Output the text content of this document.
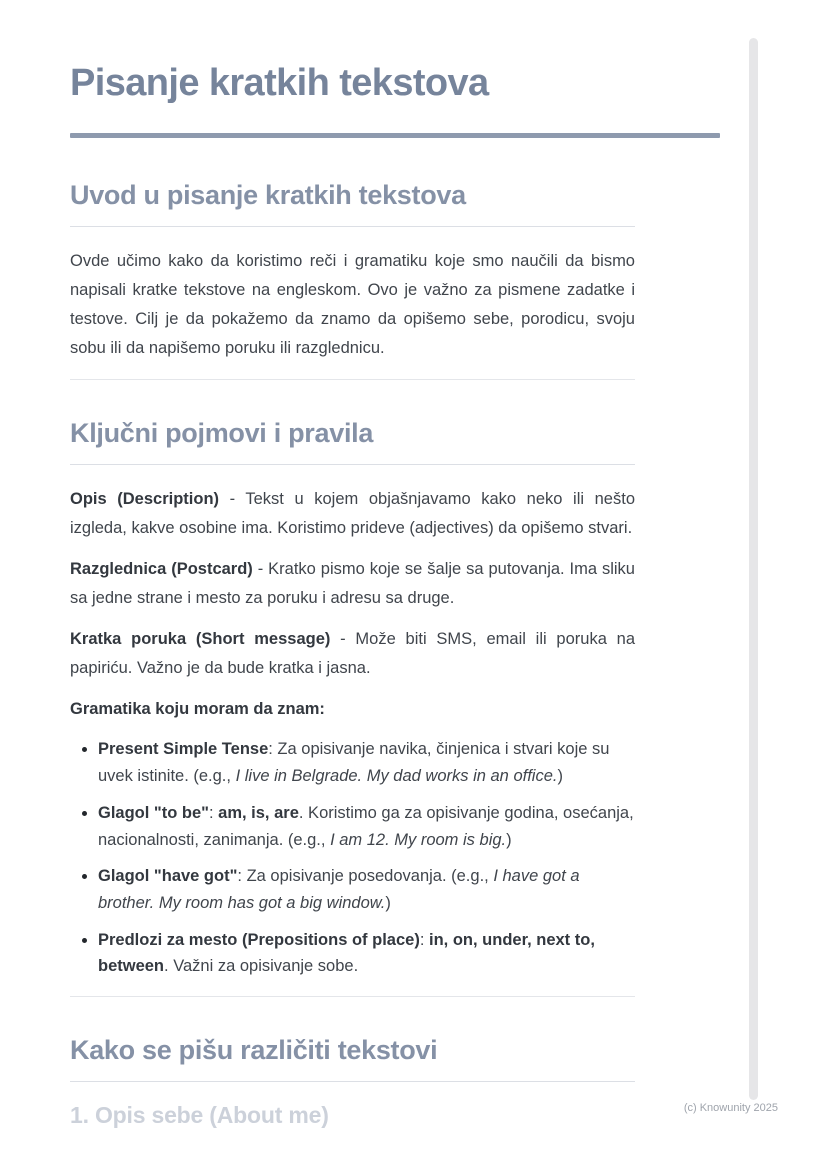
Pisanje kratkih tekstova
Uvod u pisanje kratkih tekstova

Ovde učimo kako da koristimo reči i gramatiku koje smo naučili da bismo napisali kratke tekstove na engleskom. Ovo je važno za pismene zadatke i testove. Cilj je da pokažemo da znamo da opišemo sebe, porodicu, svoju sobu ili da napišemo poruku ili razglednicu.

Ključni pojmovi i pravila

Opis (Description) - Tekst u kojem objašnjavamo kako neko ili nešto izgleda, kakve osobine ima. Koristimo prideve (adjectives) da opišemo stvari.

Razglednica (Postcard) - Kratko pismo koje se šalje sa putovanja. Ima sliku sa jedne strane i mesto za poruku i adresu sa druge.

Kratka poruka (Short message) - Može biti SMS, email ili poruka na papiriću. Važno je da bude kratka i jasna.

Gramatika koju moram da znam:

• Present Simple Tense: Za opisivanje navika, činjenica i stvari koje su uvek istinite. (e.g., I live in Belgrade. My dad works in an office.)
• Glagol "to be": am, is, are. Koristimo ga za opisivanje godina, osećanja, nacionalnosti, zanimanja. (e.g., I am 12. My room is big.)
• Glagol "have got": Za opisivanje posedovanja. (e.g., I have got a brother. My room has got a big window.)
• Predlozi za mesto (Prepositions of place): in, on, under, next to, between. Važni za opisivanje sobe.
Kako se pišu različiti tekstovi
1. Opis sebe (About me)	(c) Knowunity 2025
